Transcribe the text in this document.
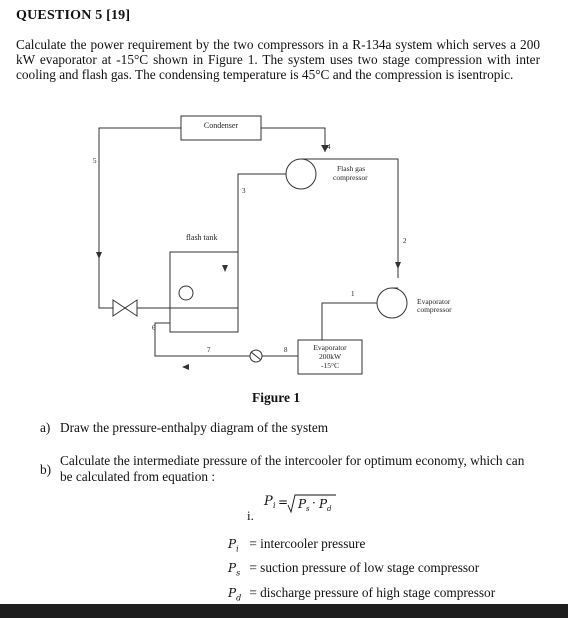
QUESTION 5 [19]
Calculate the power requirement by the two compressors in a R-134a system which serves a 200 kW evaporator at -15°C shown in Figure 1. The system uses two stage compression with inter cooling and flash gas. The condensing temperature is 45°C and the compression is isentropic.
Condenser
Flash gas
compressor
flash tank
Evaporator
compressor
Evaporator
200kW
-15°C
1
2
3
4
5
6
7	8
Figure 1
a) Draw the pressure-enthalpy diagram of the system
b)
Calculate the intermediate pressure of the intercooler for optimum economy, which can be calculated from equation :
i.
P i = P s · P d
$P_i$ = intercooler pressure
$P_s$ = suction pressure of low stage compressor
$P_d$ = discharge pressure of high stage compressor
